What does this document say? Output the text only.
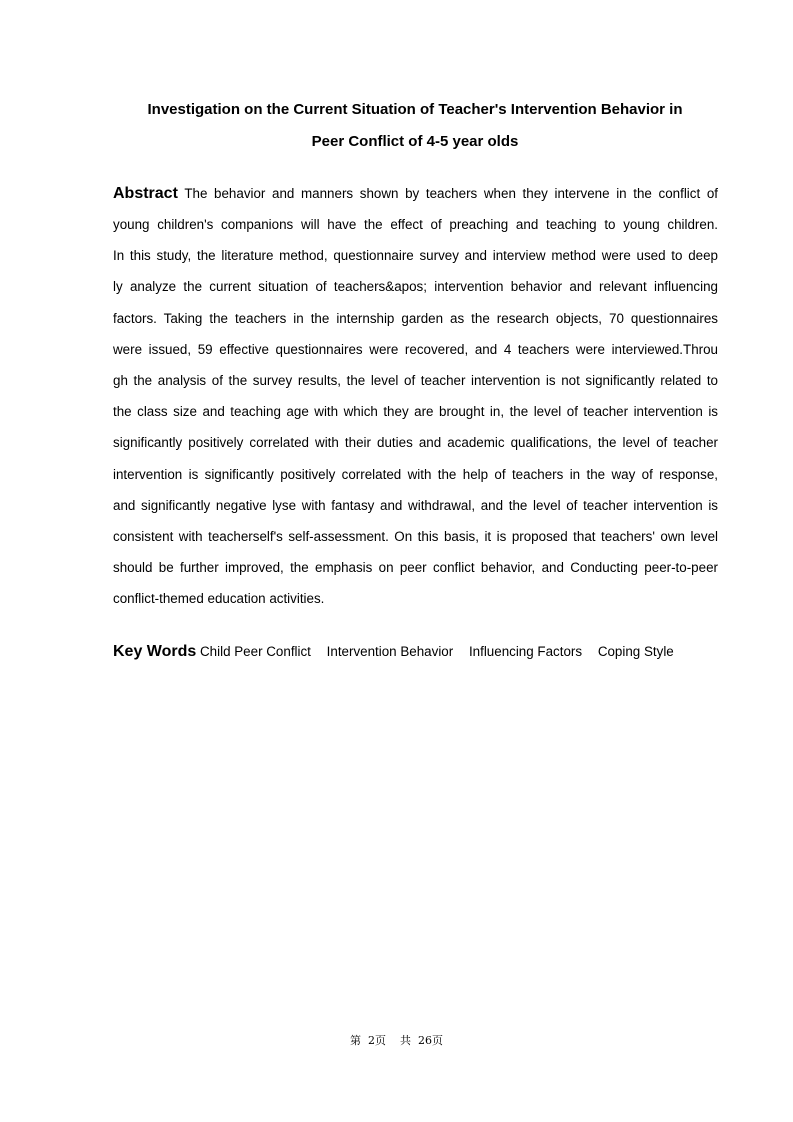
Investigation on the Current Situation of Teacher's Intervention Behavior in
Peer Conflict of 4-5 year olds
Abstract The behavior and manners shown by teachers when they intervene in the conflict of
young children's companions will have the effect of preaching and teaching to young children.
In this study, the literature method, questionnaire survey and interview method were used to deep
ly analyze the current situation of teachers&apos; intervention behavior and relevant influencing
factors. Taking the teachers in the internship garden as the research objects, 70 questionnaires
were issued, 59 effective questionnaires were recovered, and 4 teachers were interviewed.Throu
gh the analysis of the survey results, the level of teacher intervention is not significantly related to
the class size and teaching age with which they are brought in, the level of teacher intervention is
significantly positively correlated with their duties and academic qualifications, the level of teacher
intervention is significantly positively correlated with the help of teachers in the way of response,
and significantly negative lyse with fantasy and withdrawal, and the level of teacher intervention is
consistent with teacherself's self-assessment. On this basis, it is proposed that teachers' own level
should be further improved, the emphasis on peer conflict behavior, and Conducting peer-to-peer
conflict-themed education activities.
Key Words Child Peer Conflict Intervention Behavior Influencing Factors Coping Style
第  2页    共  26页
